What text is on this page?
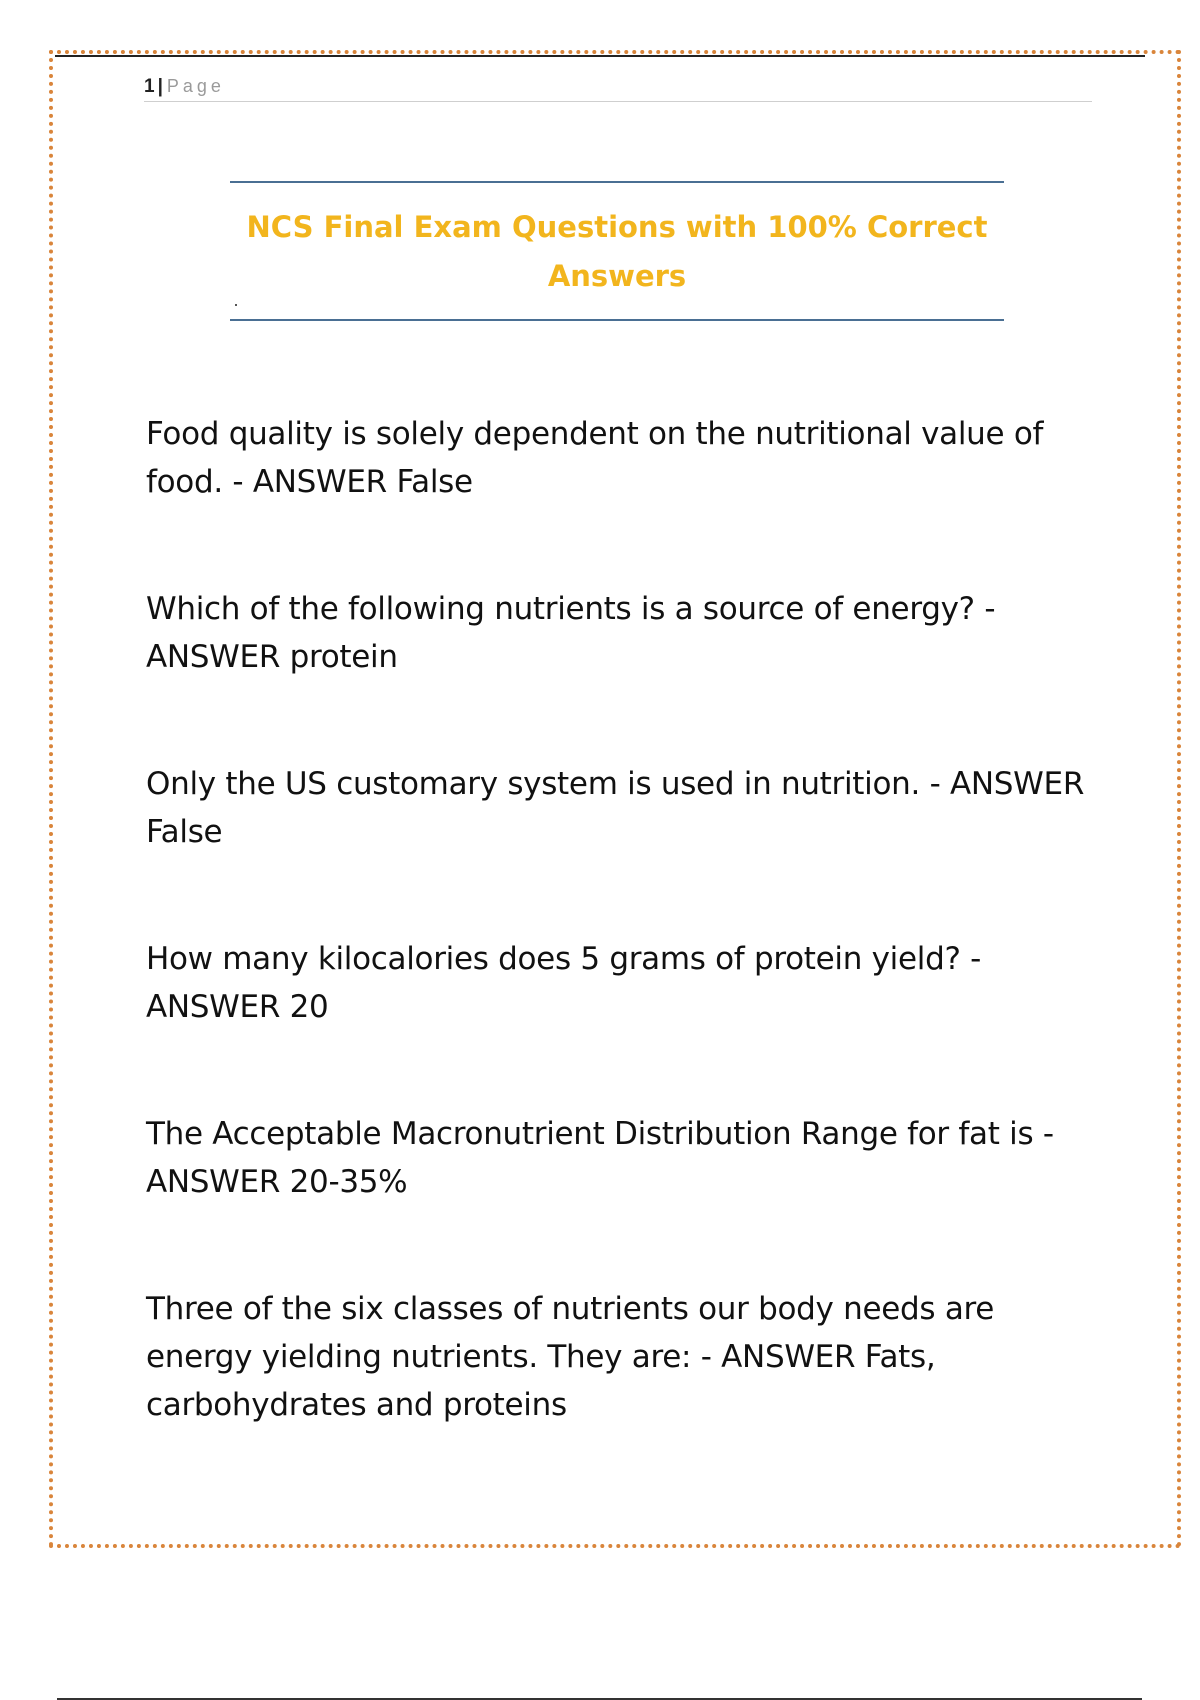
1 | Page
NCS Final Exam Questions with 100% Correct Answers
Food quality is solely dependent on the nutritional value of food. - ANSWER False
Which of the following nutrients is a source of energy? - ANSWER protein
Only the US customary system is used in nutrition. - ANSWER False
How many kilocalories does 5 grams of protein yield? - ANSWER 20
The Acceptable Macronutrient Distribution Range for fat is - ANSWER 20-35%
Three of the six classes of nutrients our body needs are energy yielding nutrients. They are: - ANSWER Fats, carbohydrates and proteins
